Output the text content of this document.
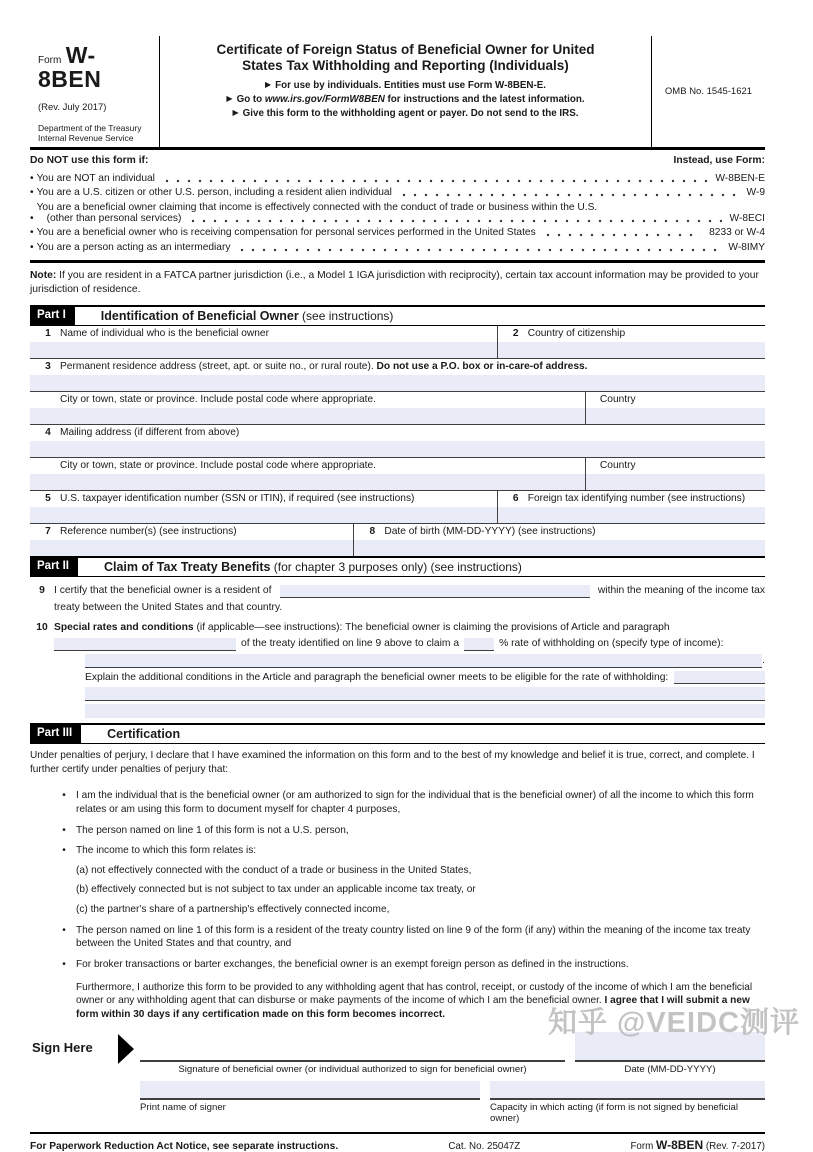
Form W-8BEN
(Rev. July 2017)
Department of the Treasury
Internal Revenue Service
Certificate of Foreign Status of Beneficial Owner for United
States Tax Withholding and Reporting (Individuals)
▶ For use by individuals. Entities must use Form W-8BEN-E.
▶ Go to www.irs.gov/FormW8BEN for instructions and the latest information.
▶ Give this form to the withholding agent or payer. Do not send to the IRS.
OMB No. 1545-1621
Do NOT use this form if:	Instead, use Form:
•
You are NOT an individual	W-8BEN-E
•
You are a U.S. citizen or other U.S. person, including a resident alien individual	W-9
•
You are a beneficial owner claiming that income is effectively connected with the conduct of trade or business within the U.S.
(other than personal services)	W-8ECI
•
You are a beneficial owner who is receiving compensation for personal services performed in the United States	8233 or W-4
•
You are a person acting as an intermediary	W-8IMY
Note: If you are resident in a FATCA partner jurisdiction (i.e., a Model 1 IGA jurisdiction with reciprocity), certain tax account information may be provided to your jurisdiction of residence.
Part I	Identification of Beneficial Owner (see instructions)
1 Name of individual who is the beneficial owner	2 Country of citizenship
3 Permanent residence address (street, apt. or suite no., or rural route). Do not use a P.O. box or in-care-of address.
City or town, state or province. Include postal code where appropriate.	Country
4 Mailing address (if different from above)
City or town, state or province. Include postal code where appropriate.	Country
5 U.S. taxpayer identification number (SSN or ITIN), if required (see instructions)	6 Foreign tax identifying number (see instructions)
7 Reference number(s) (see instructions)	8 Date of birth (MM-DD-YYYY) (see instructions)
Part II	Claim of Tax Treaty Benefits (for chapter 3 purposes only) (see instructions)
9 I certify that the beneficial owner is a resident of	within the meaning of the income tax
treaty between the United States and that country.
10 Special rates and conditions (if applicable—see instructions): The beneficial owner is claiming the provisions of Article and paragraph
of the treaty identified on line 9 above to claim a	% rate of withholding on (specify type of income):
.
Explain the additional conditions in the Article and paragraph the beneficial owner meets to be eligible for the rate of withholding:
Part III	Certification
Under penalties of perjury, I declare that I have examined the information on this form and to the best of my knowledge and belief it is true, correct, and complete. I further certify under penalties of perjury that:
•
I am the individual that is the beneficial owner (or am authorized to sign for the individual that is the beneficial owner) of all the income to which this form relates or am using this form to document myself for chapter 4 purposes,
•
The person named on line 1 of this form is not a U.S. person,
•
The income to which this form relates is:
(a) not effectively connected with the conduct of a trade or business in the United States,
(b) effectively connected but is not subject to tax under an applicable income tax treaty, or
(c) the partner's share of a partnership's effectively connected income,
•
The person named on line 1 of this form is a resident of the treaty country listed on line 9 of the form (if any) within the meaning of the income tax treaty between the United States and that country, and
•
For broker transactions or barter exchanges, the beneficial owner is an exempt foreign person as defined in the instructions.
Furthermore, I authorize this form to be provided to any withholding agent that has control, receipt, or custody of the income of which I am the beneficial owner or any withholding agent that can disburse or make payments of the income of which I am the beneficial owner. I agree that I will submit a new form within 30 days if any certification made on this form becomes incorrect.
Sign Here
Signature of beneficial owner (or individual authorized to sign for beneficial owner)	Date (MM-DD-YYYY)
Print name of signer	Capacity in which acting (if form is not signed by beneficial owner)
For Paperwork Reduction Act Notice, see separate instructions.	Cat. No. 25047Z	Form W-8BEN (Rev. 7-2017)
知乎 @VEIDC测评
